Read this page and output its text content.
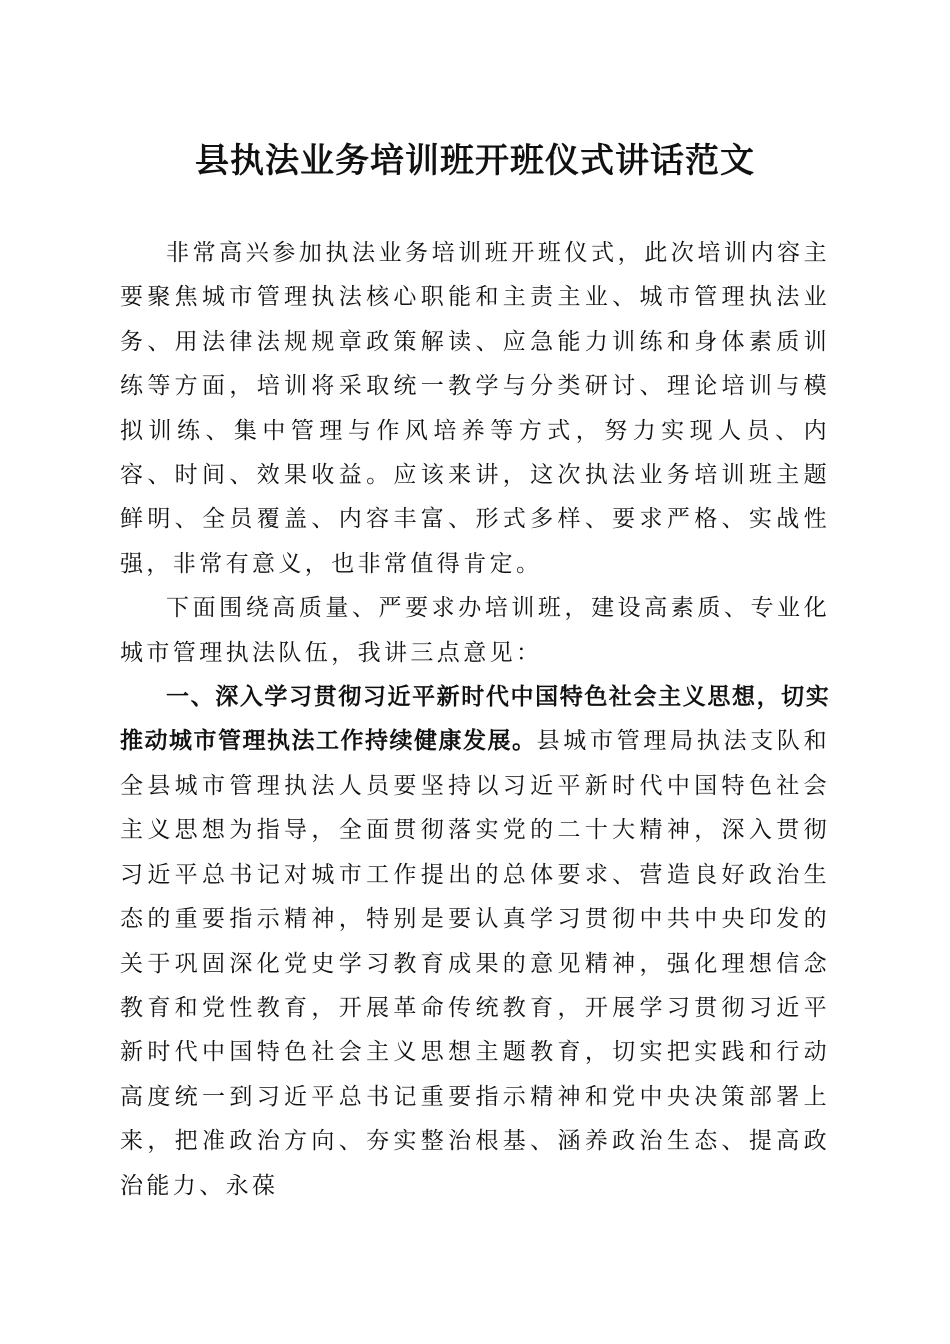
县执法业务培训班开班仪式讲话范文

非常高兴参加执法业务培训班开班仪式，此次培训内容主要聚焦城市管理执法核心职能和主责主业、城市管理执法业务、用法律法规规章政策解读、应急能力训练和身体素质训练等方面，培训将采取统一教学与分类研讨、理论培训与模拟训练、集中管理与作风培养等方式，努力实现人员、内容、时间、效果收益。应该来讲，这次执法业务培训班主题鲜明、全员覆盖、内容丰富、形式多样、要求严格、实战性强，非常有意义，也非常值得肯定。

下面围绕高质量、严要求办培训班，建设高素质、专业化城市管理执法队伍，我讲三点意见：

一、深入学习贯彻习近平新时代中国特色社会主义思想，切实推动城市管理执法工作持续健康发展。县城市管理局执法支队和全县城市管理执法人员要坚持以习近平新时代中国特色社会主义思想为指导，全面贯彻落实党的二十大精神，深入贯彻习近平总书记对城市工作提出的总体要求、营造良好政治生态的重要指示精神，特别是要认真学习贯彻中共中央印发的关于巩固深化党史学习教育成果的意见精神，强化理想信念教育和党性教育，开展革命传统教育，开展学习贯彻习近平新时代中国特色社会主义思想主题教育，切实把实践和行动高度统一到习近平总书记重要指示精神和党中央决策部署上来，把准政治方向、夯实整治根基、涵养政治生态、提高政治能力、永葆
